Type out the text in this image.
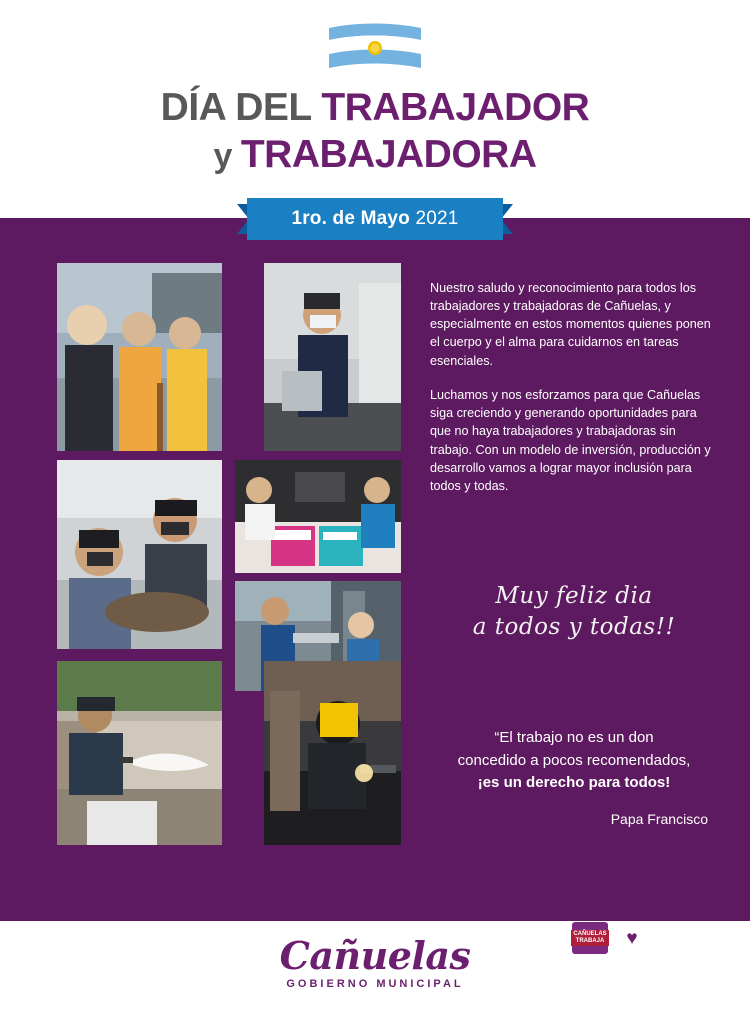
DÍA DEL TRABAJADOR
y TRABAJADORA
1ro. de Mayo 2021

Nuestro saludo y reconocimiento para todos los trabajadores y trabajadoras de Cañuelas, y especialmente en estos momentos quienes ponen el cuerpo y el alma para cuidarnos en tareas esenciales.

Luchamos y nos esforzamos para que Cañuelas siga creciendo y generando oportunidades para que no haya trabajadores y trabajadoras sin trabajo. Con un modelo de inversión, producción y desarrollo vamos a lograr mayor inclusión para todos y todas.

Muy feliz dia
a todos y todas!!
“El trabajo no es un don
concedido a pocos recomendados,
¡es un derecho para todos!
Papa Francisco
CAÑUELAS TRABAJA ♥
Cañuelas
GOBIERNO MUNICIPAL
